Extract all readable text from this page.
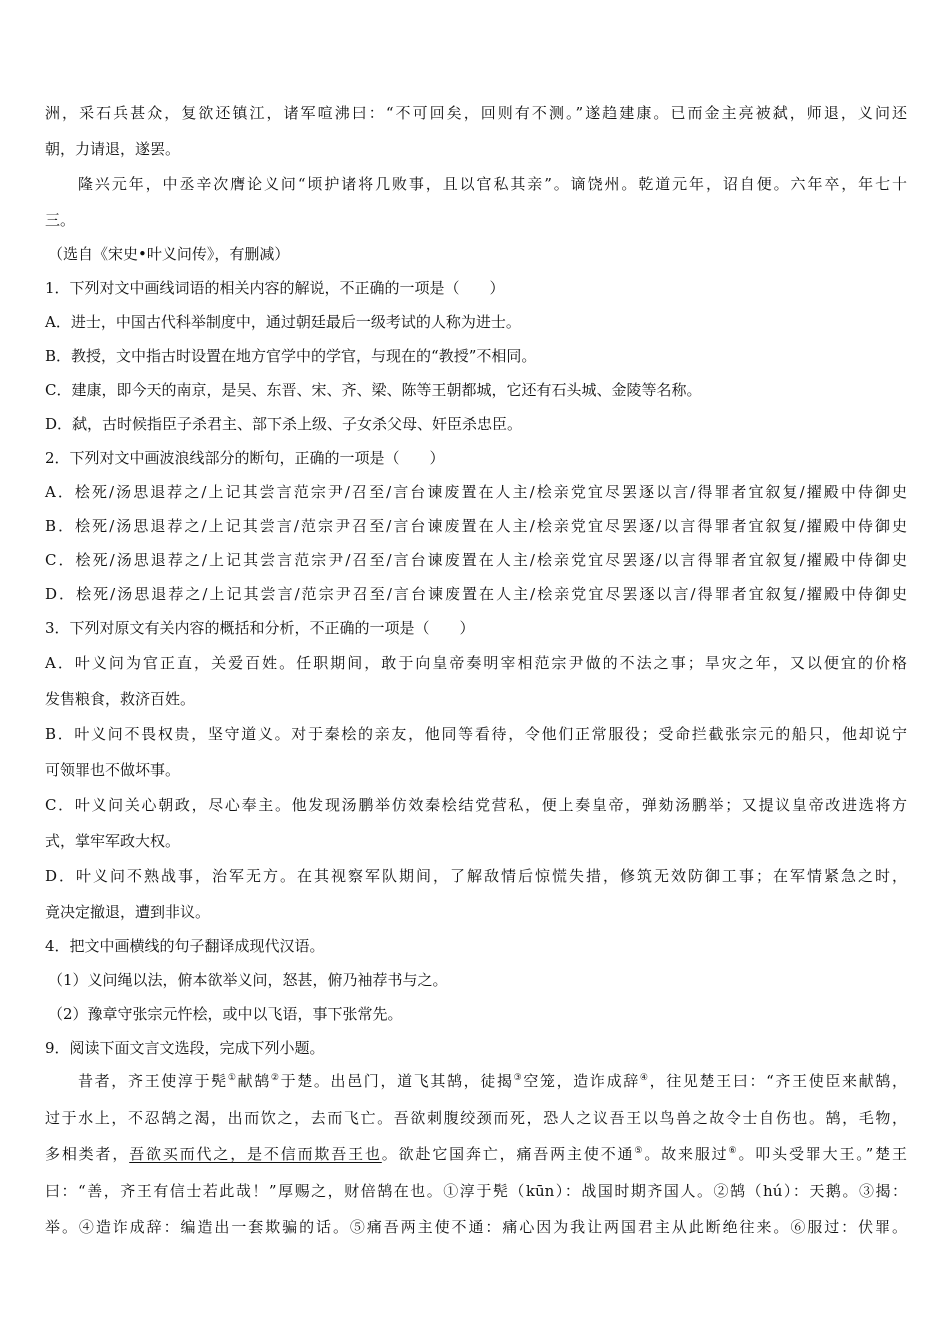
洲，采石兵甚众，复欲还镇江，诸军喧沸曰：“不可回矣，回则有不测。”遂趋建康。已而金主亮被弑，师退，义问还
朝，力请退，遂罢。
隆兴元年，中丞辛次膺论义问“顷护诸将几败事，且以官私其亲”。谪饶州。乾道元年，诏自便。六年卒，年七十
三。
（选自《宋史•叶义问传》，有删减）
1．下列对文中画线词语的相关内容的解说，不正确的一项是（　　）
A．进士，中国古代科举制度中，通过朝廷最后一级考试的人称为进士。
B．教授，文中指古时设置在地方官学中的学官，与现在的“教授”不相同。
C．建康，即今天的南京，是吴、东晋、宋、齐、梁、陈等王朝都城，它还有石头城、金陵等名称。
D．弑，古时候指臣子杀君主、部下杀上级、子女杀父母、奸臣杀忠臣。
2．下列对文中画波浪线部分的断句，正确的一项是（　　）
A．桧死/汤思退荐之/上记其尝言范宗尹/召至/言台谏废置在人主/桧亲党宜尽罢逐以言/得罪者宜叙复/擢殿中侍御史
B．桧死/汤思退荐之/上记其尝言/范宗尹召至/言台谏废置在人主/桧亲党宜尽罢逐/以言得罪者宜叙复/擢殿中侍御史
C．桧死/汤思退荐之/上记其尝言范宗尹/召至/言台谏废置在人主/桧亲党宜尽罢逐/以言得罪者宜叙复/擢殿中侍御史
D．桧死/汤思退荐之/上记其尝言/范宗尹召至/言台谏废置在人主/桧亲党宜尽罢逐以言/得罪者宜叙复/擢殿中侍御史
3．下列对原文有关内容的概括和分析，不正确的一项是（　　）
A．叶义问为官正直，关爱百姓。任职期间，敢于向皇帝奏明宰相范宗尹做的不法之事；旱灾之年，又以便宜的价格
发售粮食，救济百姓。
B．叶义问不畏权贵，坚守道义。对于秦桧的亲友，他同等看待，令他们正常服役；受命拦截张宗元的船只，他却说宁
可领罪也不做坏事。
C．叶义问关心朝政，尽心奉主。他发现汤鹏举仿效秦桧结党营私，便上奏皇帝，弹劾汤鹏举；又提议皇帝改进选将方
式，掌牢军政大权。
D．叶义问不熟战事，治军无方。在其视察军队期间，了解敌情后惊慌失措，修筑无效防御工事；在军情紧急之时，
竟决定撤退，遭到非议。
4．把文中画横线的句子翻译成现代汉语。
（1）义问绳以法，俯本欲举义问，怒甚，俯乃袖荐书与之。
（2）豫章守张宗元忤桧，或中以飞语，事下张常先。
9．阅读下面文言文选段，完成下列小题。
昔者，齐王使淳于髡①献鹄②于楚。出邑门，道飞其鹄，徒揭③空笼，造诈成辞④，往见楚王曰：“齐王使臣来献鹄，
过于水上，不忍鹄之渴，出而饮之，去而飞亡。吾欲刺腹绞颈而死，恐人之议吾王以鸟兽之故令士自伤也。鹄，毛物，
多相类者，吾欲买而代之，是不信而欺吾王也。欲赴它国奔亡，痛吾两主使不通⑤。故来服过⑥。叩头受罪大王。”楚王
曰：“善，齐王有信士若此哉！”厚赐之，财倍鹄在也。①淳于髡（kūn）：战国时期齐国人。②鹄（hú）：天鹅。③揭：
举。④造诈成辞：编造出一套欺骗的话。⑤痛吾两主使不通：痛心因为我让两国君主从此断绝往来。⑥服过：伏罪。
